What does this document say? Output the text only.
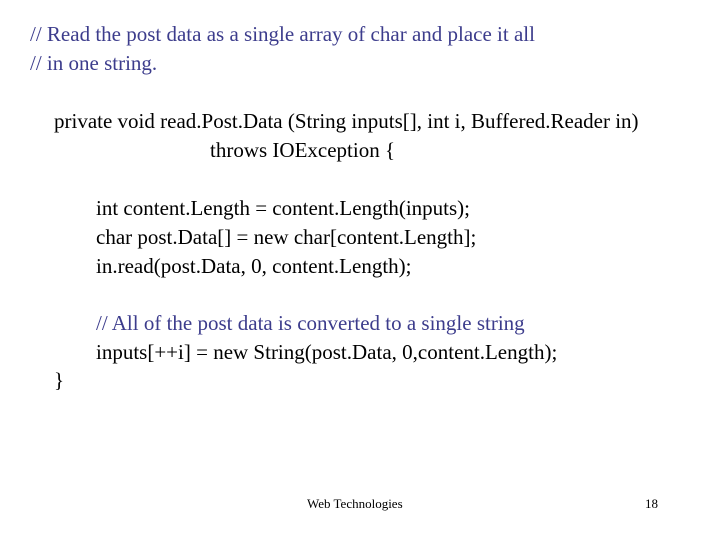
// Read the post data as a single array of char and place it all
// in one string.
private void read.Post.Data (String inputs[], int i, Buffered.Reader in)
throws IOException {
int content.Length = content.Length(inputs);
char post.Data[] = new char[content.Length];
in.read(post.Data, 0, content.Length);
// All of the post data is converted to a single string
inputs[++i] = new String(post.Data, 0,content.Length);
}
Web Technologies	18
